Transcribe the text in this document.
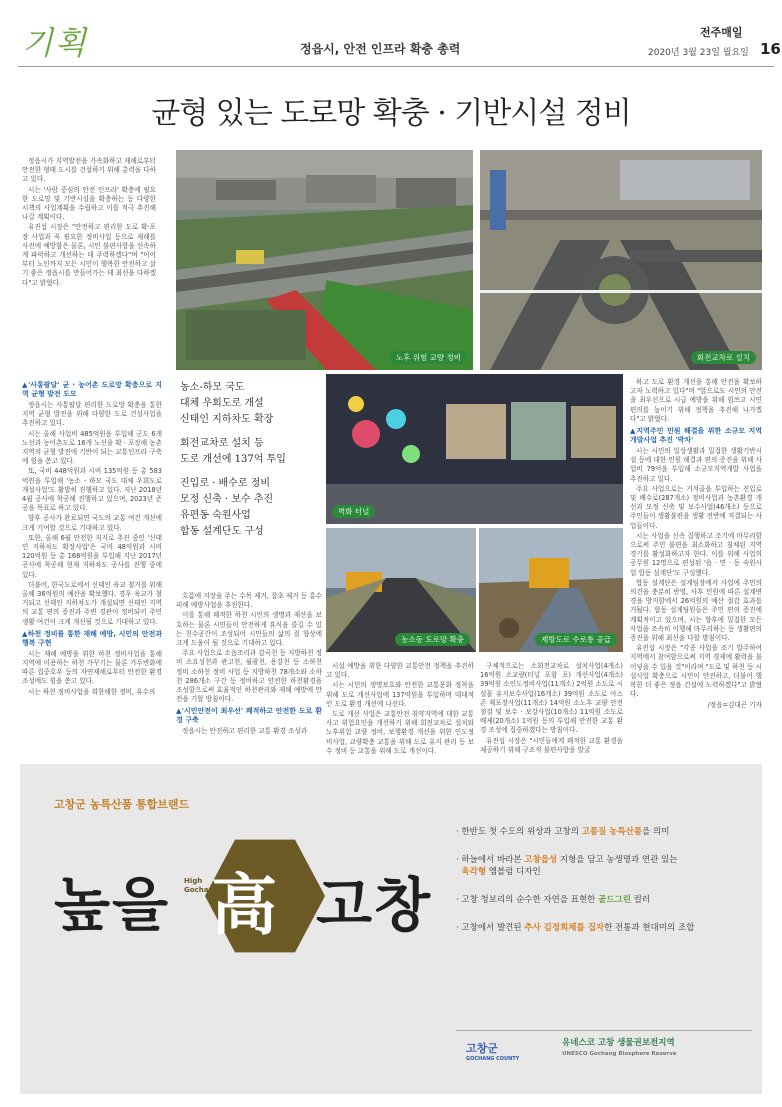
기획	정읍시, 안전 인프라 확충 총력
전주매일
2020년 3월 23일 월요일 16
균형 있는 도로망 확충 · 기반시설 정비

정읍시가 지역발전을 가속화하고 재해로부터 안전한 형태 도시를 건설하기 위해 총력을 다하고 있다.

시는 '사람 중심의 안전 인프라' 확충에 필요한 도로망 및 기반시설을 확충하는 등 다양한 시책의 사업계획을 수립하고 이를 적극 추진해나갈 계획이다.

유진섭 시장은 "안전하고 편리한 도로 확·포장 사업과 꼭 필요한 정비사업 등으로 재해를 사전에 예방함은 물론, 시민 불편사항을 신속하게 파악하고 개선하는 데 주력하겠다"며 "이어부터 노인까지 모든 시민이 행복한 안전하고 살기 좋은 정읍시를 만들어가는 데 최선을 다하겠다"고 밝혔다.

노후 위험 교량 정비	회전교차로 설치
▲'사통팔달' 균 · 농어촌 도로망 확충으로 지역 균형 발전 도모

정읍시는 사통팔달 편리한 도로망 확충을 통한 지역 균형 발전을 위해 다양한 도로 건설사업을 추진하고 있다.

시는 올해 사업비 485억원을 투입해 군도 6개 노선과 농어촌도로 16개 노선을 확 · 포장해 농촌 지역의 균형 발전에 기반이 되는 교통인프라 구축에 힘을 쏟고 있다.

또, 국비 448억원과 시비 135억원 등 총 583억원을 투입해 '농소 - 하모 국도 대체 우회도로 개설사업'도 활발히 진행하고 있다. 지난 2018년 4월 공사에 착공해 진행하고 있으며, 2023년 준공을 목표로 하고 있다.

향후 공사가 완료되면 국도의 교통 여건 개선에 크게 기여할 것으로 기대하고 있다.

또한, 올해 6월 안전한 직지로 추진 중인 '신태인 지하차도 확장사업'은 국비 48억원과 시비 120억원 등 총 168억원을 투입해 지난 2017년 공사에 착공해 현재 지하차도 공사를 진행 중에 있다.

더불어, 한국도로에서 신태인 육교 철거를 위해 올해 36억원의 예산을 확보했다. 경우 육교가 철거되고 신태인 지하차도가 개설되면 신태인 지역의 교통 편의 증진과 주변 경관이 정비되어 주민 생활 여건이 크게 개선될 것으로 기대하고 있다.

▲하천 정비를 통한 재해 예방, 시민의 안전과 행복 구현

시는 재해 예방을 위한 하천 정비사업을 통해 지역에 이용하는 하천 가꾸기는 물론 가두변화에 따른 집중호우 등의 자연재해로부터 안전한 환경 조성에도 힘을 쏟고 있다.

시는 하천 정비사업을 위한해한 정비, 유수의

농소-하모 국도
대체 우회도로 개설
신태인 지하차도 확장
회전교차로 설치 등
도로 개선에 137억 투입
진입로 · 배수로 정비
모정 신축 · 보수 추진
유편동 숙원사업
합동 설계단도 구성
벽화 터널
농소동 도로망 확충	제방도로 수로통 공급

흐름에 지장을 주는 수목 제거, 잡초 제거 등 홍수 피해 예방사업을 추진한다.

이를 통해 쾌적한 하천 시민의 생명과 재산을 보호하는 물론 시민들이 안전하게 휴식을 즐길 수 있는 친수공간이 조성되어 시민들의 삶의 질 향상에 크게 도움이 될 것으로 기대하고 있다.

주요 사업으로 소음조리과 감곡천 등 지방하천 정비 소요성천과 관고천, 월광천, 용강천 등 소하천 정비 소하천 정비 사업 등 지방하천 78개소와 소하천 286개소 구간 등 정비하고 안전한 하천환경을 조성함으로써 효율적인 하천관리와 재해 예방에 만전을 기할 방침이다.

▲'시민안전이 최우선' 쾌적하고 안전한 도로 환경 구축

정읍시는 안전하고 편리한 교통 환경 조성과

시설 예방을 위한 다양한 교통안전 정책을 추진하고 있다.

시는 시민의 생명보호와 안전한 교통문화 정착을 위해 도로 개선사업에 137억원을 투입하며 대대적인 도로 환경 개선에 나선다.

도로 개선 사업은 교통안전 취약지역에 대한 교통사고 위험요인을 개선하기 위해 회전교차로 설치와 노후위험 교량 정비, 보행환경 개선을 위한 인도정비사업, 교량확충 교통을 위해 도로 유지 관리 등 보수 정비 등 교통을 위해 도로 개선이다.

구체적으로는 소회전교차로 설치사업(4개소) 16억원 소교량(터널 포함 포) 개선사업(4개소) 39억원 소인도정비사업(11개소) 2억원 소도로 시설물 유지보수사업(16개소) 39억원 소도로 아스콘 재포장사업(11개소) 14억원 소노후 교량 안전점검 및 보수 · 보강사업(10개소) 11억원 소도로 배제(20개소) 1억원 등의 투입해 안전한 교통 환경 조성에 집중하겠다는 방침이다.

유진섭 시장은 "시민들에게 쾌적한 교통 환경을 제공하기 위해 구조적 불편사항을 발굴

하고 도로 환경 개선을 통해 안전을 확보하고자 노력하고 있다"며 "앞으로도 시민의 안전을 최우선으로 시급 예방을 위해 힘쓰고 시민 편의를 높이기 위해 정책을 추진해 나가겠다"고 밝혔다.

▲지역주민 민원 해결을 위한 소규모 지역 개발사업 추진 '박차'

시는 시민의 일상생활과 밀접한 생활기반시설 등에 대한 민원 해결과 편의 증진을 위해 사업비 79억을 투입해 소규모지역개발 사업을 추진하고 있다.

주요 사업으로는 거석골을 투입하는 진입로 및 배수로(287개소) 정비사업과 농촌환경 개선과 모정 신축 및 보수사업(46개소) 등으로 주민들이 생활불편을 생활 전반에 직결되는 사업들이다.

시는 사업을 신속 집행하고 조기에 마무리함으로써 주민 불편을 최소화하고 침체된 지역 경기를 활성화하고자 한다. 이를 위해 사업의 공무원 12명으로 편성된 '읍 · 면 · 동 숙원사업 합동 설계단'도 구성했다.

합동 설계단은 설계팀장에서 사업에 주민의 의견을 충분히 반영, 사후 민원에 따른 설계변경을 방지함에서 26억원의 예산 절감 효과를 거뒀다. 합동 설계팀원들은 주민 편의 증진에 계획적이고 있으며, 시는 향후에 밀접한 모든 사업을 조속히 이행해 마무리하는 등 생활편의 증진을 위해 최선을 다할 방침이다.

유진섭 시장은 "각종 사업을 조기 발주하여 지역에서 참여함으로써 지역 경제에 활력을 불어넣을 수 있을 것"이라며 "도로 및 하천 등 시설사업 확충으로 시민이 안전하고, 더불어 행복한 더 좋은 정읍 건설에 노력하겠다"고 밝혔다.

/정읍=김대곤 기자

고창군 농특산품 통합브랜드
높을 高
High
Gochang 고창
· 한반도 첫 수도의 위상과 고창의 고품질 농특산품을 의미
· 하늘에서 바라본 고창읍성 지형을 담고 농생명과 연관 있는
육각형 엠블럼 디자인
· 고창 청보리의 순수한 자연을 표현한 골드그린 컬러
· 고창에서 발견된 추사 김정희체를 집자한 전통과 현대미의 조합
고창군
GOCHANG COUNTY
유네스코 고창 생물권보전지역
UNESCO Gochang Biosphere Reserve
